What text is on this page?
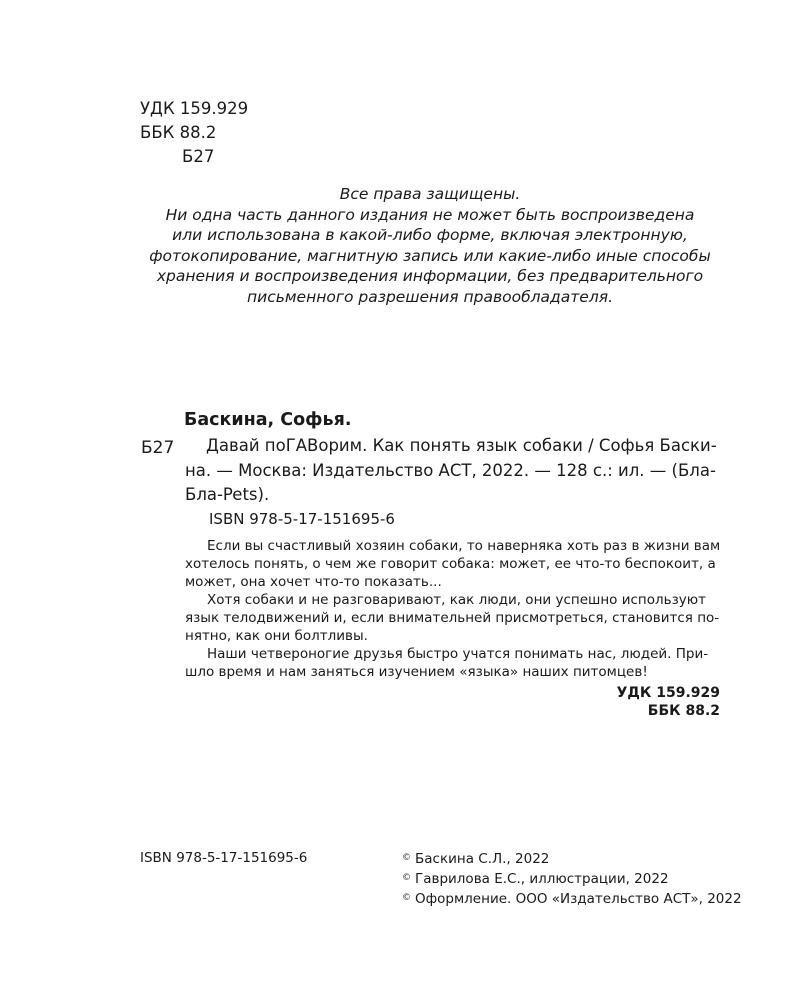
УДК 159.929
ББК 88.2
Б27
Все права защищены.
Ни одна часть данного издания не может быть воспроизведена
или использована в какой-либо форме, включая электронную,
фотокопирование, магнитную запись или какие-либо иные способы
хранения и воспроизведения информации, без предварительного
письменного разрешения правообладателя.
Баскина, Софья.
Б27	Давай поГАВорим. Как понять язык собаки / Софья Баски-
на. — Москва: Издательство АСТ, 2022. — 128 с.: ил. — (Бла-
Бла-Pets).
ISBN 978-5-17-151695-6
Если вы счастливый хозяин собаки, то наверняка хоть раз в жизни вам
хотелось понять, о чем же говорит собака: может, ее что-то беспокоит, а
может, она хочет что-то показать...
Хотя собаки и не разговаривают, как люди, они успешно используют
язык телодвижений и, если внимательней присмотреться, становится по-
нятно, как они болтливы.
Наши четвероногие друзья быстро учатся понимать нас, людей. При-
шло время и нам заняться изучением «языка» наших питомцев!
УДК 159.929
ББК 88.2
ISBN 978-5-17-151695-6	© Баскина С.Л., 2022
© Гаврилова Е.С., иллюстрации, 2022
© Оформление. ООО «Издательство АСТ», 2022
